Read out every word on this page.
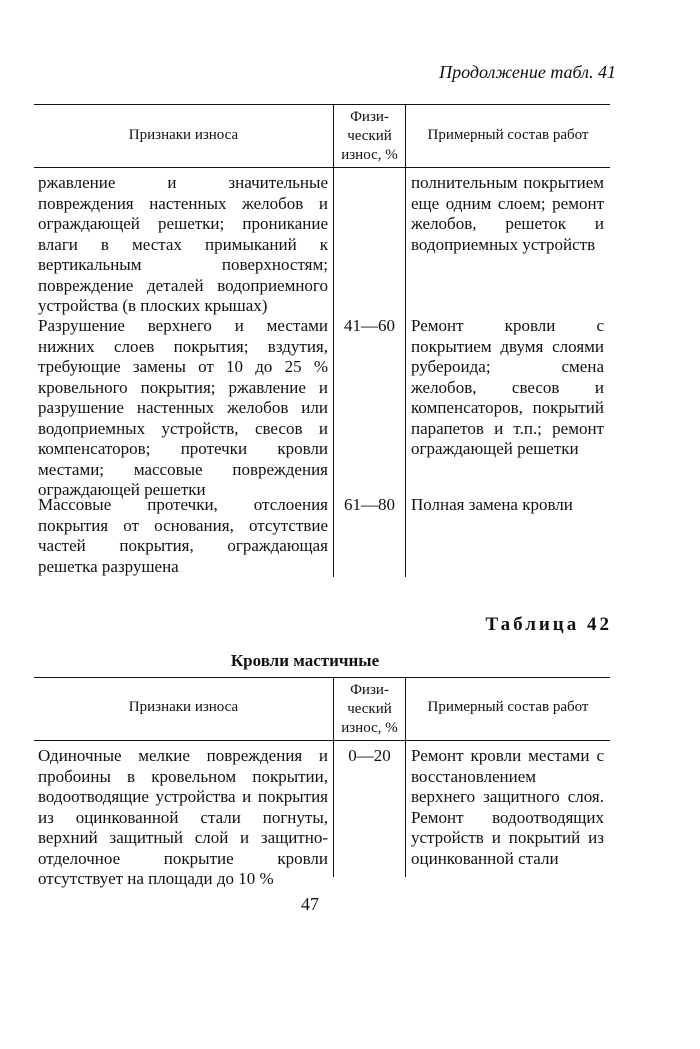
Продолжение табл. 41
Признаки износа
Физи-
ческий
износ, %
Примерный состав работ
ржавление и значительные повреждения настенных желобов и ограждающей решетки; проникание влаги в местах примыканий к вертикальным поверхностям; повреждение деталей водоприемного устройства (в плоских крышах)
полнительным покрытием еще одним слоем; ремонт желобов, решеток и водоприемных устройств
Разрушение верхнего и местами нижних слоев покрытия; вздутия, требующие замены от 10 до 25 % кровельного покрытия; ржавление и разрушение настенных желобов или водоприемных устройств, свесов и компенсаторов; протечки кровли местами; массовые повреждения ограждающей решетки
41—60 Ремонт кровли с покрытием двумя слоями рубероида; смена желобов, свесов и компенсаторов, покрытий парапетов и т.п.; ремонт ограждающей решетки
Массовые протечки, отслоения покрытия от основания, отсутствие частей покрытия, ограждающая решетка разрушена
61—80 Полная замена кровли
Таблица 42
Кровли мастичные
Признаки износа
Физи-
ческий
износ, %
Примерный состав работ
Одиночные мелкие повреждения и пробоины в кровельном покрытии, водоотводящие устройства и покрытия из оцинкованной стали погнуты, верхний защитный слой и защитно-отделочное покрытие кровли отсутствует на площади до 10 %
0—20	Ремонт кровли местами с восстановлением верхнего защитного слоя. Ремонт водоотводящих устройств и покрытий из оцинкованной стали
47
